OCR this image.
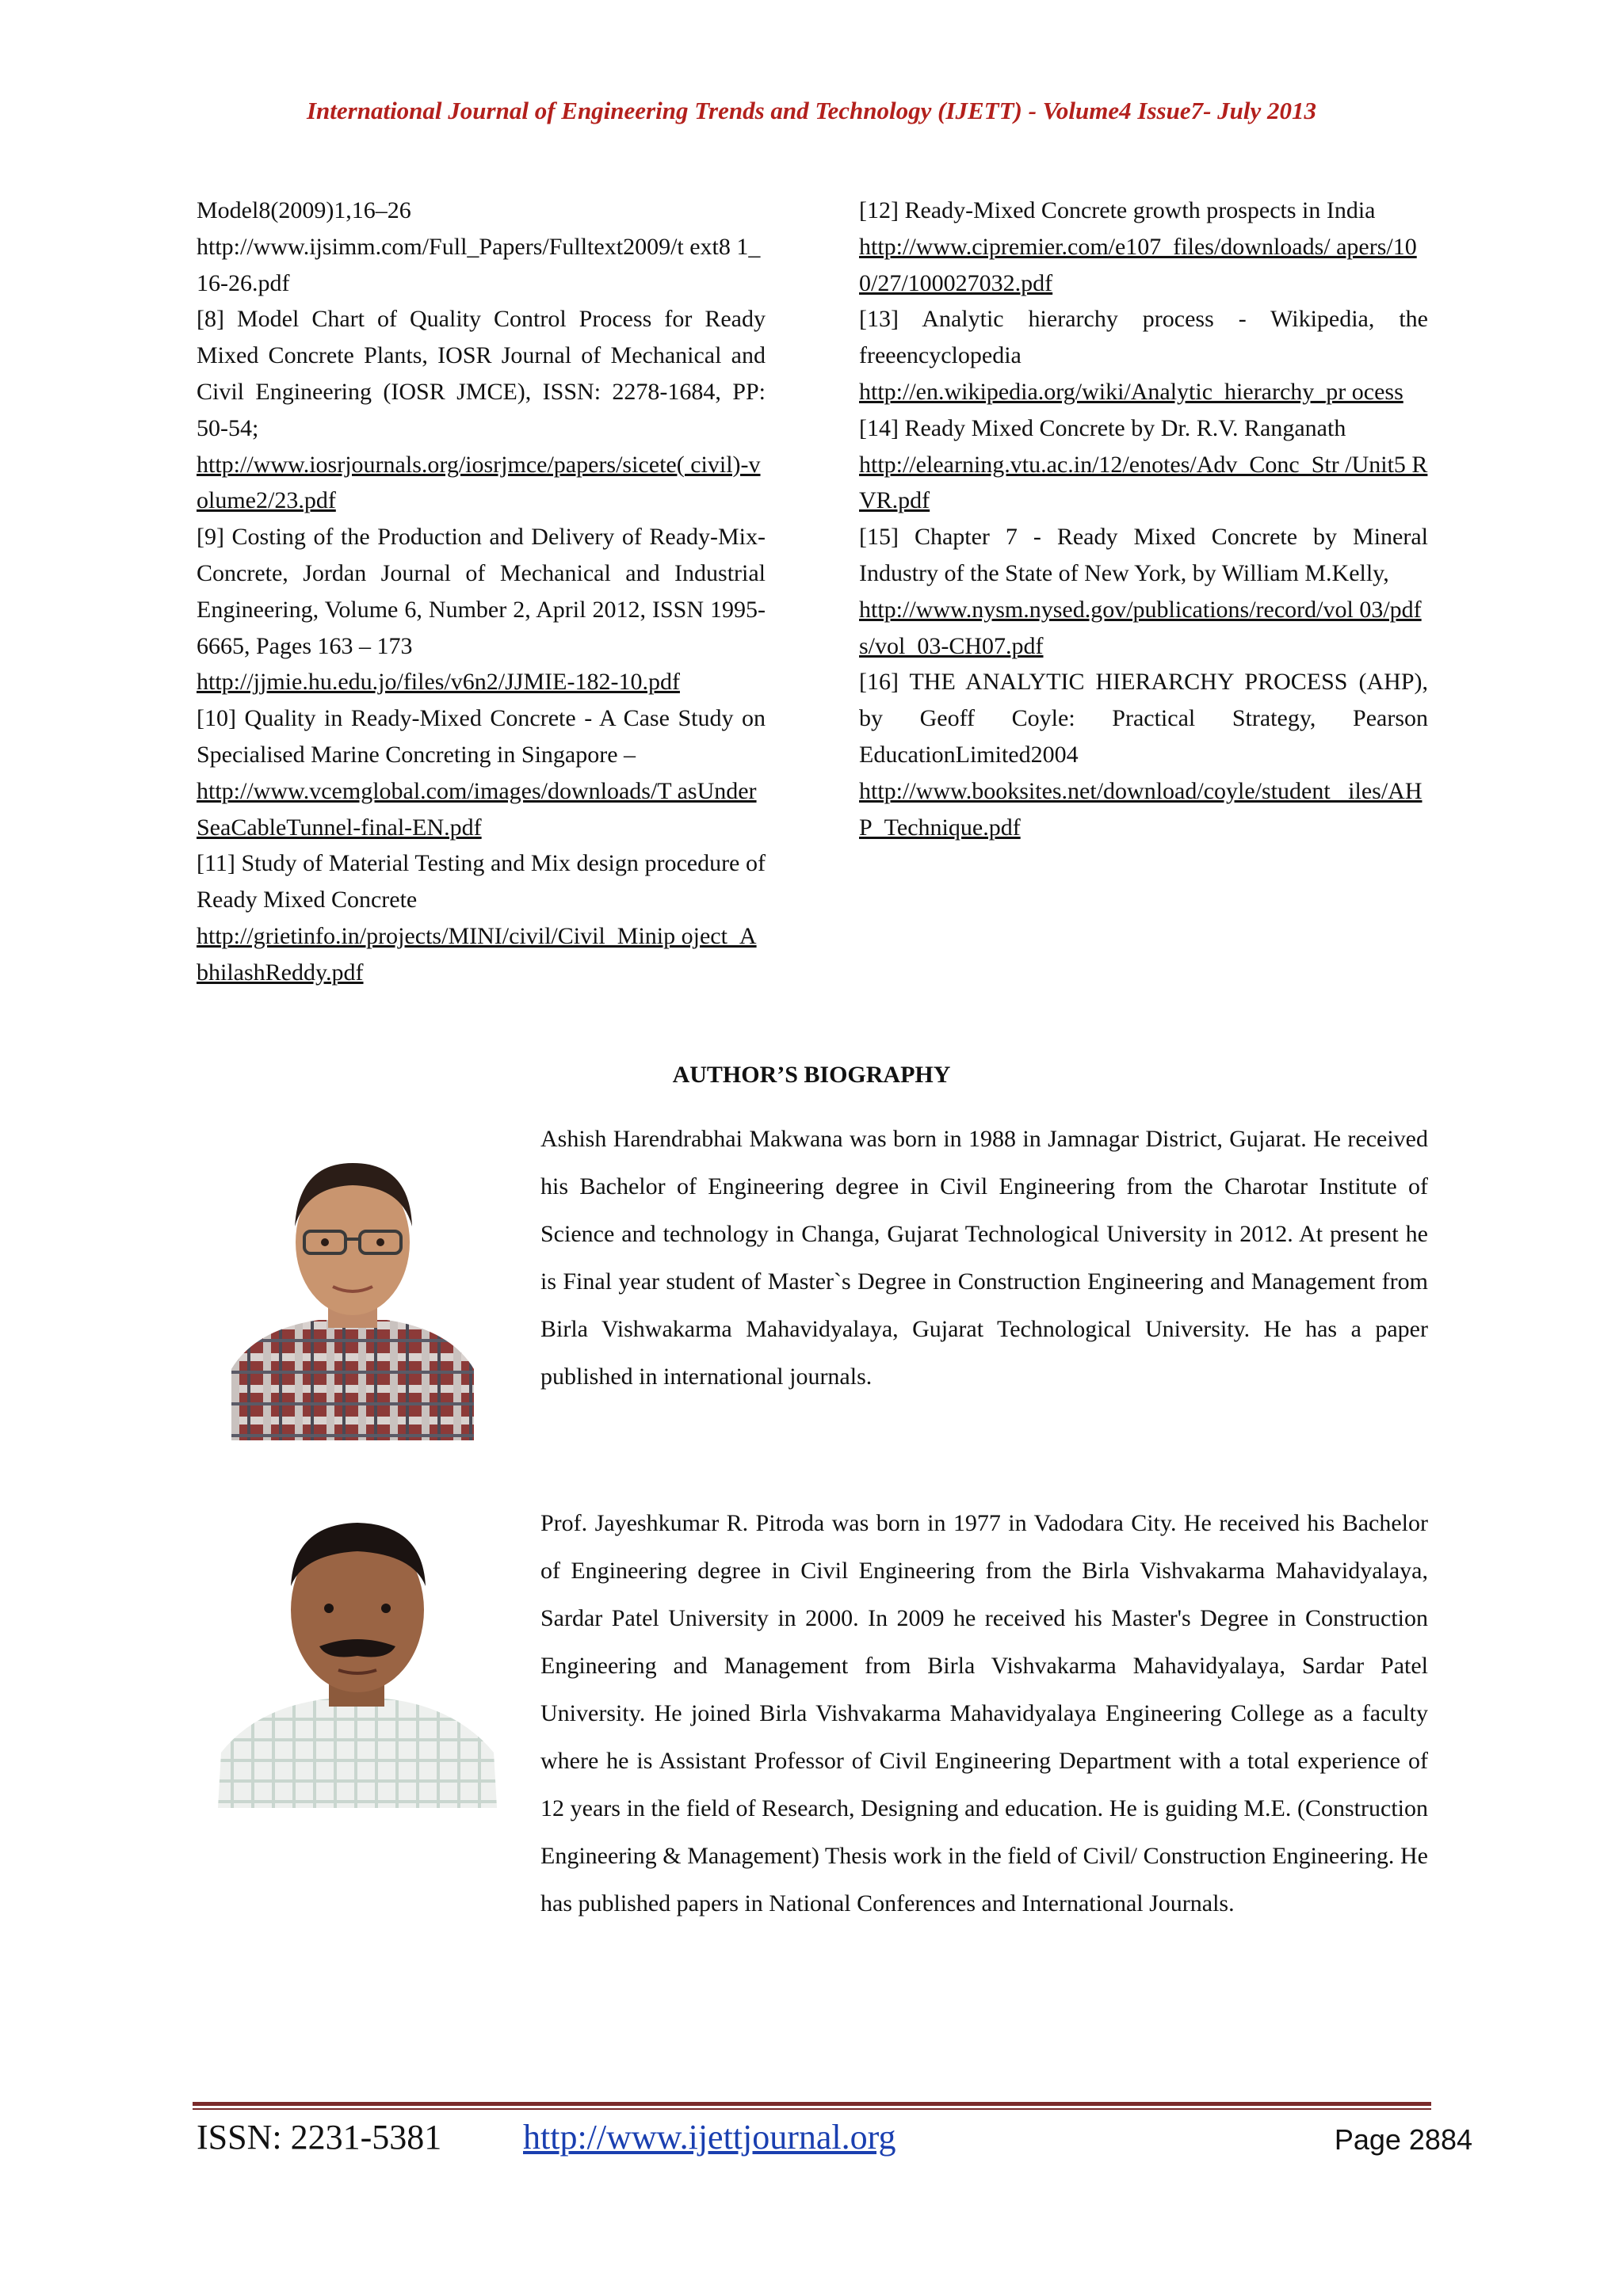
International Journal of Engineering Trends and Technology (IJETT) - Volume4 Issue7- July 2013
Model8(2009)1,16–26
http://www.ijsimm.com/Full_Papers/Fulltext2009/t ext8 1_16-26.pdf
[8] Model Chart of Quality Control Process for Ready Mixed Concrete Plants, IOSR Journal of Mechanical and Civil Engineering (IOSR JMCE), ISSN: 2278-1684, PP: 50-54;
http://www.iosrjournals.org/iosrjmce/papers/sicete( civil)-volume2/23.pdf
[9] Costing of the Production and Delivery of Ready-Mix-Concrete, Jordan Journal of Mechanical and Industrial Engineering, Volume 6, Number 2, April 2012, ISSN 1995-6665, Pages 163 – 173
http://jjmie.hu.edu.jo/files/v6n2/JJMIE-182-10.pdf
[10] Quality in Ready-Mixed Concrete - A Case Study on Specialised Marine Concreting in Singapore –
http://www.vcemglobal.com/images/downloads/T asUnderSeaCableTunnel-final-EN.pdf
[11] Study of Material Testing and Mix design procedure of Ready Mixed Concrete
http://grietinfo.in/projects/MINI/civil/Civil_Minip oject_AbhilashReddy.pdf
[12] Ready-Mixed Concrete growth prospects in India
http://www.cipremier.com/e107_files/downloads/ apers/100/27/100027032.pdf
[13] Analytic hierarchy process - Wikipedia, the freeencyclopedia
http://en.wikipedia.org/wiki/Analytic_hierarchy_pr ocess
[14] Ready Mixed Concrete by Dr. R.V. Ranganath
http://elearning.vtu.ac.in/12/enotes/Adv_Conc_Str /Unit5 RVR.pdf
[15] Chapter 7 - Ready Mixed Concrete by Mineral Industry of the State of New York, by William M.Kelly,
http://www.nysm.nysed.gov/publications/record/vol 03/pdfs/vol_03-CH07.pdf
[16] THE ANALYTIC HIERARCHY PROCESS (AHP), by Geoff Coyle: Practical Strategy, Pearson EducationLimited2004
http://www.booksites.net/download/coyle/student_ iles/AHP_Technique.pdf
AUTHOR’S BIOGRAPHY
Ashish Harendrabhai Makwana was born in 1988 in Jamnagar District, Gujarat. He received his Bachelor of Engineering degree in Civil Engineering from the Charotar Institute of Science and technology in Changa, Gujarat Technological University in 2012. At present he is Final year student of Master`s Degree in Construction Engineering and Management from Birla Vishwakarma Mahavidyalaya, Gujarat Technological University. He has a paper published in international journals.
Prof. Jayeshkumar R. Pitroda was born in 1977 in Vadodara City. He received his Bachelor of Engineering degree in Civil Engineering from the Birla Vishvakarma Mahavidyalaya, Sardar Patel University in 2000. In 2009 he received his Master's Degree in Construction Engineering and Management from Birla Vishvakarma Mahavidyalaya, Sardar Patel University. He joined Birla Vishvakarma Mahavidyalaya Engineering College as a faculty where he is Assistant Professor of Civil Engineering Department with a total experience of 12 years in the field of Research, Designing and education. He is guiding M.E. (Construction Engineering & Management) Thesis work in the field of Civil/ Construction Engineering. He has published papers in National Conferences and International Journals.
ISSN: 2231-5381 http://www.ijettjournal.org	Page 2884
